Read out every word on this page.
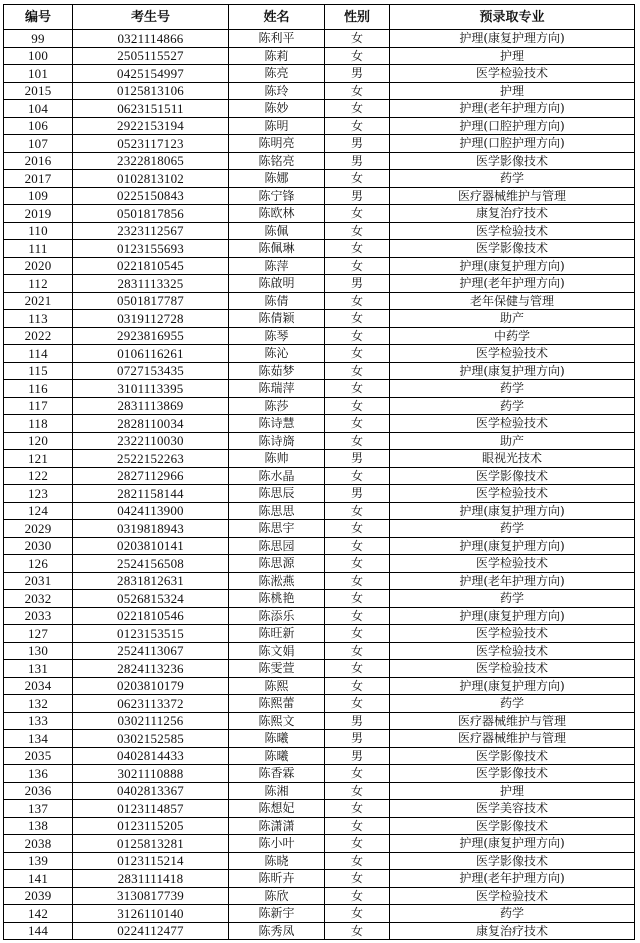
编号	考生号	姓名	性别	预录取专业
99	0321114866	陈利平	女	护理(康复护理方向)
100	2505115527	陈莉	女	护理
101	0425154997	陈亮	男	医学检验技术
2015	0125813106	陈玲	女	护理
104	0623151511	陈妙	女	护理(老年护理方向)
106	2922153194	陈明	女	护理(口腔护理方向)
107	0523117123	陈明亮	男	护理(口腔护理方向)
2016	2322818065	陈铭亮	男	医学影像技术
2017	0102813102	陈娜	女	药学
109	0225150843	陈宁锋	男	医疗器械维护与管理
2019	0501817856	陈欧林	女	康复治疗技术
110	2323112567	陈佩	女	医学检验技术
111	0123155693	陈佩琳	女	医学影像技术
2020	0221810545	陈萍	女	护理(康复护理方向)
112	2831113325	陈啟明	男	护理(老年护理方向)
2021	0501817787	陈倩	女	老年保健与管理
113	0319112728	陈倩颖	女	助产
2022	2923816955	陈琴	女	中药学
114	0106116261	陈沁	女	医学检验技术
115	0727153435	陈茹梦	女	护理(康复护理方向)
116	3101113395	陈瑞萍	女	药学
117	2831113869	陈莎	女	药学
118	2828110034	陈诗慧	女	医学检验技术
120	2322110030	陈诗旖	女	助产
121	2522152263	陈帅	男	眼视光技术
122	2827112966	陈水晶	女	医学影像技术
123	2821158144	陈思辰	男	医学检验技术
124	0424113900	陈思思	女	护理(康复护理方向)
2029	0319818943	陈思宇	女	药学
2030	0203810141	陈思园	女	护理(康复护理方向)
126	2524156508	陈思源	女	医学检验技术
2031	2831812631	陈淞燕	女	护理(老年护理方向)
2032	0526815324	陈桃艳	女	药学
2033	0221810546	陈添乐	女	护理(康复护理方向)
127	0123153515	陈旺新	女	医学检验技术
130	2524113067	陈文娟	女	医学检验技术
131	2824113236	陈雯萱	女	医学检验技术
2034	0203810179	陈熙	女	护理(康复护理方向)
132	0623113372	陈熙蕾	女	药学
133	0302111256	陈熙文	男	医疗器械维护与管理
134	0302152585	陈曦	男	医疗器械维护与管理
2035	0402814433	陈曦	男	医学影像技术
136	3021110888	陈香霖	女	医学影像技术
2036	0402813367	陈湘	女	护理
137	0123114857	陈想妃	女	医学美容技术
138	0123115205	陈潇潇	女	医学影像技术
2038	0125813281	陈小叶	女	护理(康复护理方向)
139	0123115214	陈晓	女	医学影像技术
141	2831111418	陈昕卉	女	护理(老年护理方向)
2039	3130817739	陈欣	女	医学检验技术
142	3126110140	陈新宇	女	药学
144	0224112477	陈秀凤	女	康复治疗技术
